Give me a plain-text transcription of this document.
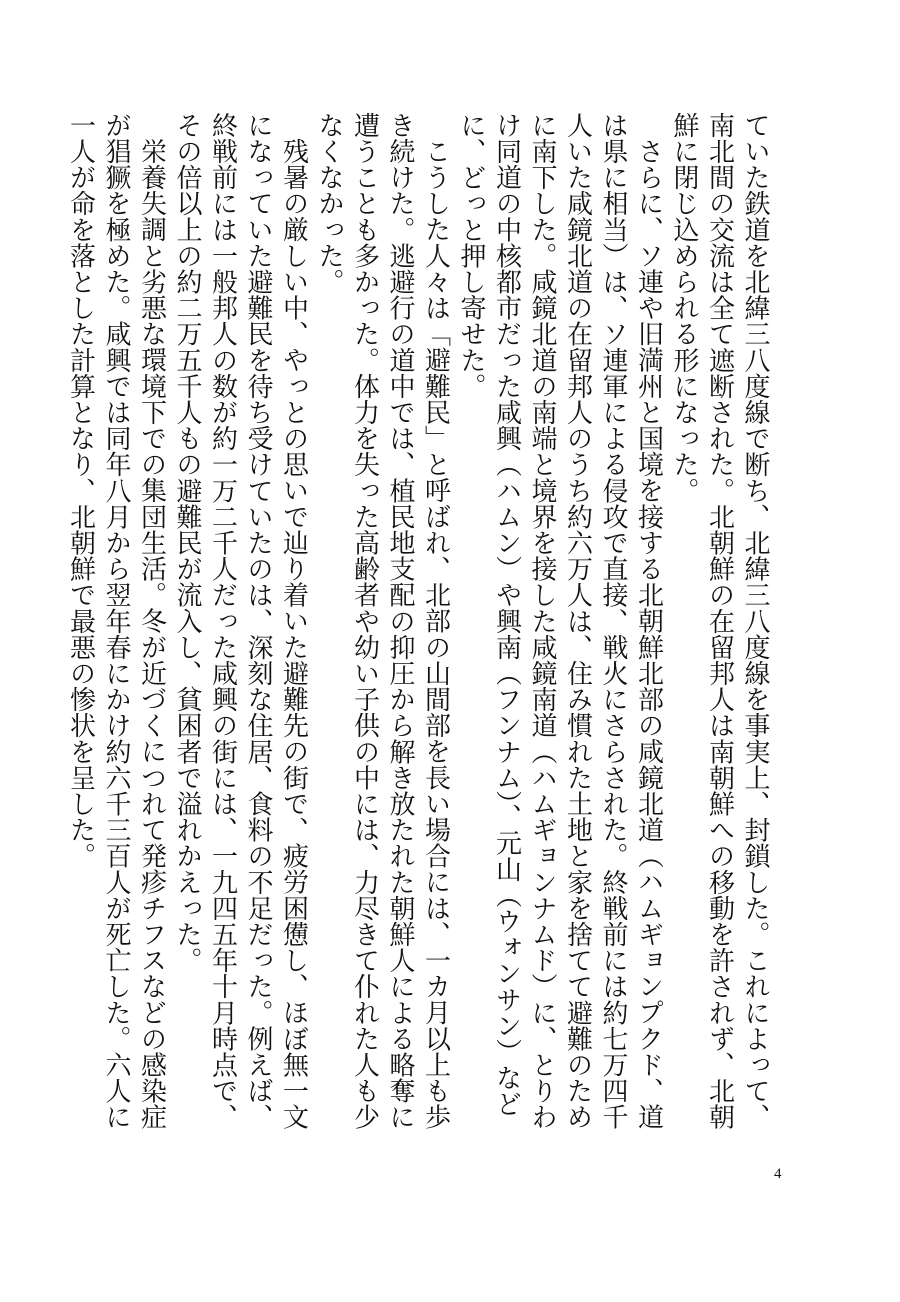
ていた鉄道を北緯三八度線で断ち、北緯三八度線を事実上、封鎖した。これによって、南北間の交流は全て遮断された。北朝鮮の在留邦人は南朝鮮への移動を許されず、北朝鮮に閉じ込められる形になった。

さらに、ソ連や旧満州と国境を接する北朝鮮北部の咸鏡北道（ハムギョンプクド、道は県に相当）は、ソ連軍による侵攻で直接、戦火にさらされた。終戦前には約七万四千人いた咸鏡北道の在留邦人のうち約六万人は、住み慣れた土地と家を捨てて避難のために南下した。咸鏡北道の南端と境界を接した咸鏡南道（ハムギョンナムド）に、とりわけ同道の中核都市だった咸興（ハムン）や興南（フンナム）、元山（ウォンサン）などに、どっと押し寄せた。

こうした人々は「避難民」と呼ばれ、北部の山間部を長い場合には、一カ月以上も歩き続けた。逃避行の道中では、植民地支配の抑圧から解き放たれた朝鮮人による略奪に遭うことも多かった。体力を失った高齢者や幼い子供の中には、力尽きて仆れた人も少なくなかった。

残暑の厳しい中、やっとの思いで辿り着いた避難先の街で、疲労困憊し、ほぼ無一文になっていた避難民を待ち受けていたのは、深刻な住居、食料の不足だった。例えば、終戦前には一般邦人の数が約一万二千人だった咸興の街には、一九四五年十月時点で、その倍以上の約二万五千人もの避難民が流入し、貧困者で溢れかえった。

栄養失調と劣悪な環境下での集団生活。冬が近づくにつれて発疹チフスなどの感染症が猖獗を極めた。咸興では同年八月から翌年春にかけ約六千三百人が死亡した。六人に一人が命を落とした計算となり、北朝鮮で最悪の惨状を呈した。

4
